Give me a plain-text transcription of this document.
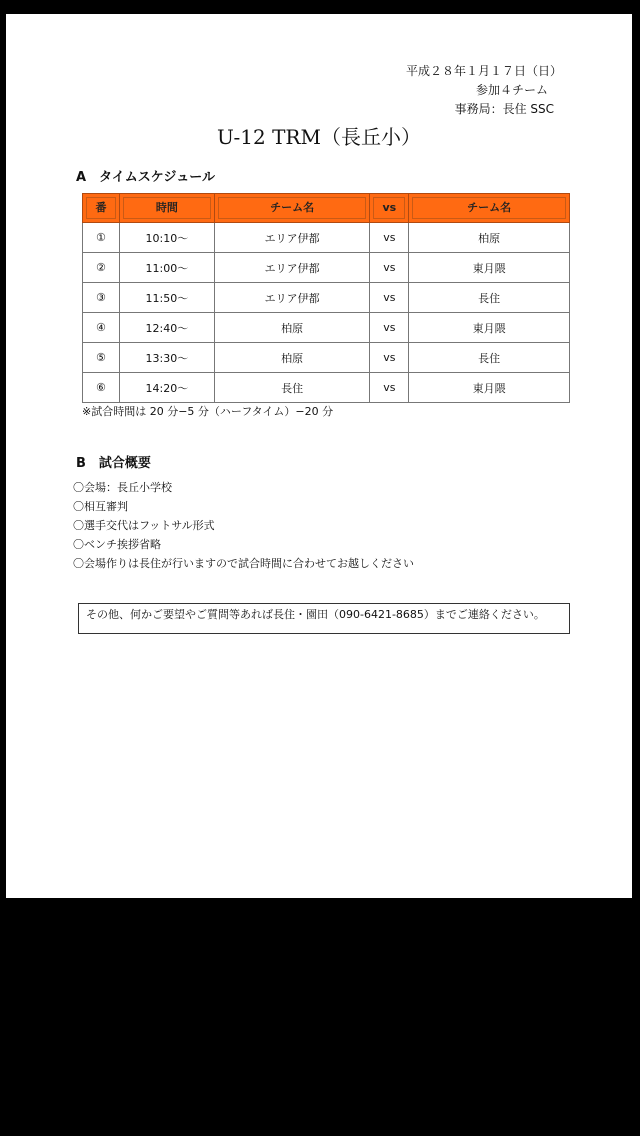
平成２８年１月１７日（日）
参加４チーム
事務局：長住 SSC
U-12 TRM（長丘小）
A　タイムスケジュール
番	時間	チーム名	vs	チーム名

①	10:10〜	エリア伊都	vs	柏原
②	11:00〜	エリア伊都	vs	東月隈
③	11:50〜	エリア伊都	vs	長住
④	12:40〜	柏原	vs	東月隈
⑤	13:30〜	柏原	vs	長住
⑥	14:20〜	長住	vs	東月隈
※試合時間は 20 分−5 分（ハーフタイム）−20 分
B　試合概要
〇会場：長丘小学校
〇相互審判
〇選手交代はフットサル形式
〇ベンチ挨拶省略
〇会場作りは長住が行いますので試合時間に合わせてお越しください
その他、何かご要望やご質問等あれば長住・園田（090-6421-8685）までご連絡ください。
